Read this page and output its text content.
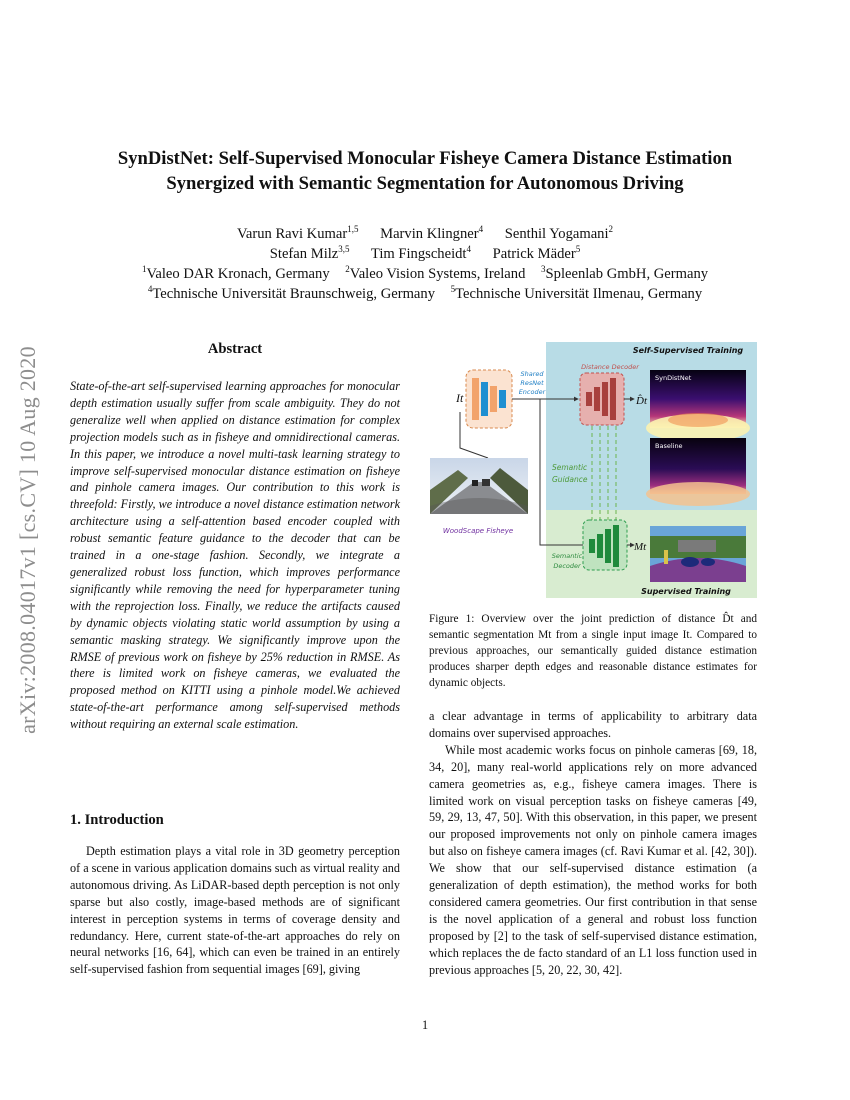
SynDistNet: Self-Supervised Monocular Fisheye Camera Distance Estimation
Synergized with Semantic Segmentation for Autonomous Driving
Varun Ravi Kumar$^{1,5}$ Marvin Klingner$^4$ Senthil Yogamani$^2$
Stefan Milz$^{3,5}$ Tim Fingscheidt$^4$ Patrick Mäder$^5$
$^1$Valeo DAR Kronach, Germany $^2$Valeo Vision Systems, Ireland $^3$Spleenlab GmbH, Germany
$^4$Technische Universität Braunschweig, Germany $^5$Technische Universität Ilmenau, Germany
arXiv:2008.04017v1 [cs.CV] 10 Aug 2020	Abstract
State-of-the-art self-supervised learning approaches for monocular depth estimation usually suffer from scale ambiguity. They do not generalize well when applied on distance estimation for complex projection models such as in fisheye and omnidirectional cameras. In this paper, we introduce a novel multi-task learning strategy to improve self-supervised monocular distance estimation on fisheye and pinhole camera images. Our contribution to this work is threefold: Firstly, we introduce a novel distance estimation network architecture using a self-attention based encoder coupled with robust semantic feature guidance to the decoder that can be trained in a one-stage fashion. Secondly, we integrate a generalized robust loss function, which improves performance significantly while removing the need for hyperparameter tuning with the reprojection loss. Finally, we reduce the artifacts caused by dynamic objects violating static world assumption by using a semantic masking strategy. We significantly improve upon the RMSE of previous work on fisheye by 25% reduction in RMSE. As there is limited work on fisheye cameras, we evaluated the proposed method on KITTI using a pinhole model.We achieved state-of-the-art performance among self-supervised methods without requiring an external scale estimation.
1. Introduction

Depth estimation plays a vital role in 3D geometry perception of a scene in various application domains such as virtual reality and autonomous driving. As LiDAR-based depth perception is not only sparse but also costly, image-based methods are of significant interest in perception systems in terms of coverage density and redundancy. Here, current state-of-the-art approaches do rely on neural networks [16, 64], which can even be trained in an entirely self-supervised fashion from sequential images [69], giving

Self-Supervised Training
Supervised Training
It
Shared
ResNet
Encoder
Distance Decoder
D̂t
Semantic
Guidance
Mt
Semantic
Decoder
SynDistNet
Baseline
WoodScape Fisheye
Figure 1: Overview over the joint prediction of distance D̂t and semantic segmentation Mt from a single input image It. Compared to previous approaches, our semantically guided distance estimation produces sharper depth edges and reasonable distance estimates for dynamic objects.

a clear advantage in terms of applicability to arbitrary data domains over supervised approaches.

While most academic works focus on pinhole cameras [69, 18, 34, 20], many real-world applications rely on more advanced camera geometries as, e.g., fisheye camera images. There is limited work on visual perception tasks on fisheye cameras [49, 59, 29, 13, 47, 50]. With this observation, in this paper, we present our proposed improvements not only on pinhole camera images but also on fisheye camera images (cf. Ravi Kumar et al. [42, 30]). We show that our self-supervised distance estimation (a generalization of depth estimation), the method works for both considered camera geometries. Our first contribution in that sense is the novel application of a general and robust loss function proposed by [2] to the task of self-supervised distance estimation, which replaces the de facto standard of an L1 loss function used in previous approaches [5, 20, 22, 30, 42].

1
